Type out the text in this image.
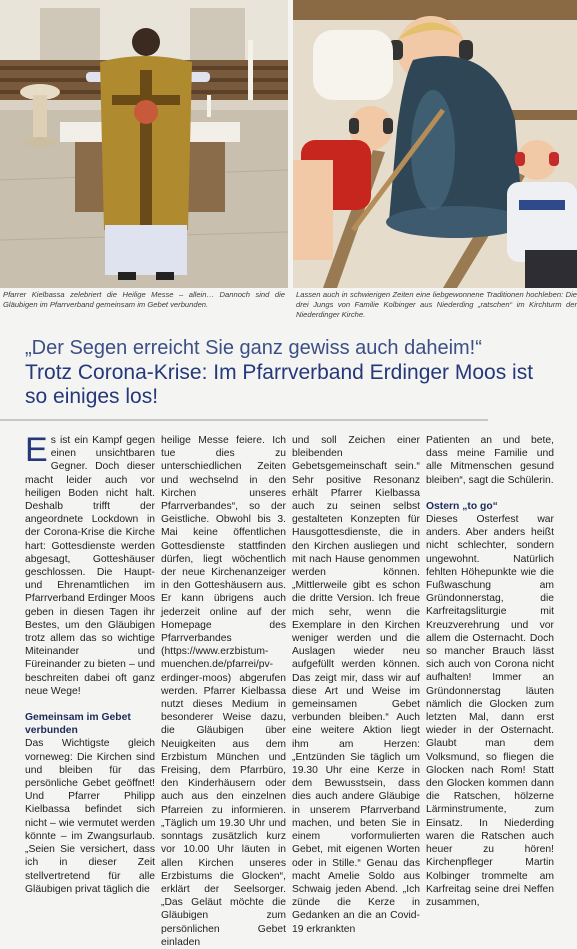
Pfarrer Kielbassa zelebriert die Heilige Messe – allein… Dannoch sind die Gläubigen im Pfarrverband gemeinsam im Gebet verbunden.
Lassen auch in schwierigen Zeiten eine liebgewonnene Traditionen hochleben: Die drei Jungs von Familie Kolbinger aus Niederding „ratschen“ im Kirchturm der Niederdinger Kirche.
„Der Segen erreicht Sie ganz gewiss auch daheim!“
Trotz Corona-Krise: Im Pfarrverband Erdinger Moos ist so einiges los!

Es ist ein Kampf gegen einen unsichtbaren Gegner. Doch dieser macht leider auch vor heiligen Boden nicht halt. Deshalb trifft der angeordnete Lockdown in der Corona-Krise die Kirche hart: Gottesdienste werden abgesagt, Gotteshäuser geschlossen. Die Haupt- und Ehrenamtlichen im Pfarrverband Erdinger Moos geben in diesen Tagen ihr Bestes, um den Gläubigen trotz allem das so wichtige Miteinander und Füreinander zu bieten – und beschreiten dabei oft ganz neue Wege!

Gemeinsam im Gebet verbunden

Das Wichtigste gleich vorneweg: Die Kirchen sind und bleiben für das persönliche Gebet geöffnet! Und Pfarrer Philipp Kielbassa befindet sich nicht – wie vermutet werden könnte – im Zwangsurlaub. „Seien Sie versichert, dass ich in dieser Zeit stellvertretend für alle Gläubigen privat täglich die

heilige Messe feiere. Ich tue dies zu unterschiedlichen Zeiten und wechselnd in den Kirchen unseres Pfarrverbandes“, so der Geistliche. Obwohl bis 3. Mai keine öffentlichen Gottesdienste stattfinden dürfen, liegt wöchentlich der neue Kirchenanzeiger in den Gotteshäusern aus. Er kann übrigens auch jederzeit online auf der Homepage des Pfarrverbandes (https://www.erzbistum-muenchen.de/pfarrei/pv-erdinger-moos) abgerufen werden. Pfarrer Kielbassa nutzt dieses Medium in besonderer Weise dazu, die Gläubigen über Neuigkeiten aus dem Erzbistum München und Freising, dem Pfarrbüro, den Kinderhäusern oder auch aus den einzelnen Pfarreien zu informieren. „Täglich um 19.30 Uhr und sonntags zusätzlich kurz vor 10.00 Uhr läuten in allen Kirchen unseres Erzbistums die Glocken“, erklärt der Seelsorger. „Das Geläut möchte die Gläubigen zum persönlichen Gebet einladen

und soll Zeichen einer bleibenden Gebetsgemeinschaft sein.“ Sehr positive Resonanz erhält Pfarrer Kielbassa auch zu seinen selbst gestalteten Konzepten für Hausgottesdienste, die in den Kirchen ausliegen und mit nach Hause genommen werden können. „Mittlerweile gibt es schon die dritte Version. Ich freue mich sehr, wenn die Exemplare in den Kirchen weniger werden und die Auslagen wieder neu aufgefüllt werden können. Das zeigt mir, dass wir auf diese Art und Weise im gemeinsamen Gebet verbunden bleiben.“ Auch eine weitere Aktion liegt ihm am Herzen: „Entzünden Sie täglich um 19.30 Uhr eine Kerze in dem Bewusstsein, dass dies auch andere Gläubige in unserem Pfarrverband machen, und beten Sie in einem vorformulierten Gebet, mit eigenen Worten oder in Stille.“ Genau das macht Amelie Soldo aus Schwaig jeden Abend. „Ich zünde die Kerze in Gedanken an die an Covid-19 erkrankten

Patienten an und bete, dass meine Familie und alle Mitmenschen gesund bleiben“, sagt die Schülerin.

Ostern „to go“

Dieses Osterfest war anders. Aber anders heißt nicht schlechter, sondern ungewohnt. Natürlich fehlten Höhepunkte wie die Fußwaschung am Gründonnerstag, die Karfreitagsliturgie mit Kreuzverehrung und vor allem die Osternacht. Doch so mancher Brauch lässt sich auch von Corona nicht aufhalten! Immer an Gründonnerstag läuten nämlich die Glocken zum letzten Mal, dann erst wieder in der Osternacht. Glaubt man dem Volksmund, so fliegen die Glocken nach Rom! Statt den Glocken kommen dann die Ratschen, hölzerne Lärminstrumente, zum Einsatz. In Niederding waren die Ratschen auch heuer zu hören! Kirchenpfleger Martin Kolbinger trommelte am Karfreitag seine drei Neffen zusammen,
